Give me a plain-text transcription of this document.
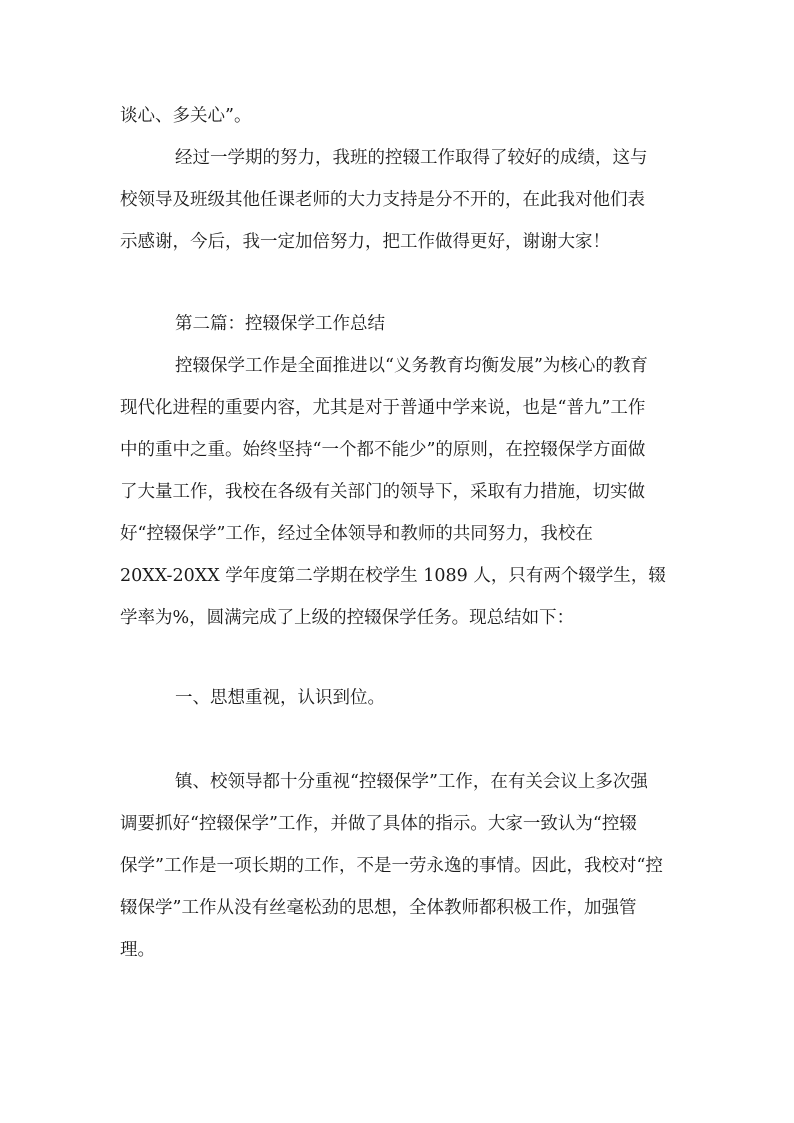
谈心、多关心”。
经过一学期的努力，我班的控辍工作取得了较好的成绩，这与
校领导及班级其他任课老师的大力支持是分不开的，在此我对他们表
示感谢，今后，我一定加倍努力，把工作做得更好，谢谢大家！
第二篇：控辍保学工作总结
控辍保学工作是全面推进以“义务教育均衡发展”为核心的教育
现代化进程的重要内容，尤其是对于普通中学来说，也是“普九”工作
中的重中之重。始终坚持“一个都不能少”的原则，在控辍保学方面做
了大量工作，我校在各级有关部门的领导下，采取有力措施，切实做
好“控辍保学”工作，经过全体领导和教师的共同努力，我校在
20XX-20XX 学年度第二学期在校学生 1089 人，只有两个辍学生，辍
学率为%，圆满完成了上级的控辍保学任务。现总结如下：
一、思想重视，认识到位。
镇、校领导都十分重视“控辍保学”工作，在有关会议上多次强
调要抓好“控辍保学”工作，并做了具体的指示。大家一致认为“控辍
保学”工作是一项长期的工作，不是一劳永逸的事情。因此，我校对“控
辍保学”工作从没有丝毫松劲的思想，全体教师都积极工作，加强管
理。
